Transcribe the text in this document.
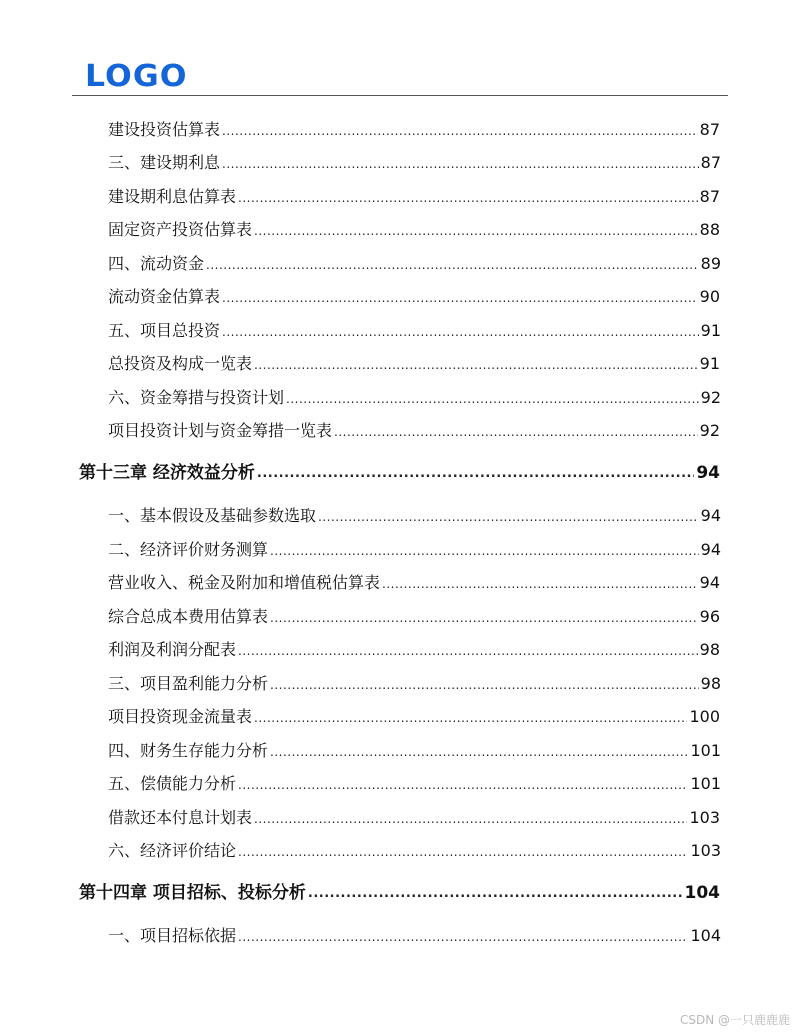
LOGO
建设投资估算表 .....	87
三、 建设期利息 .....	87
建设期利息估算表 .....	87
固定资产投资估算表 .....	88
四、 流动资金 .....	89
流动资金估算表 .....	90
五、 项目总投资 .....	91
总投资及构成一览表 .....	91
六、 资金筹措与投资计划 .....	92
项目投资计划与资金筹措一览表 .....	92
第十三章 经济效益分析 .....	94
一、 基本假设及基础参数选取 .....	94
二、 经济评价财务测算 .....	94
营业收入、税金及附加和增值税估算表 .....	94
综合总成本费用估算表 .....	96
利润及利润分配表 .....	98
三、 项目盈利能力分析 .....	98
项目投资现金流量表 .....	100
四、 财务生存能力分析 .....	101
五、 偿债能力分析 .....	101
借款还本付息计划表 .....	103
六、 经济评价结论 .....	103
第十四章 项目招标、投标分析 .....	104
一、 项目招标依据 .....	104
CSDN @一只鹿鹿鹿
